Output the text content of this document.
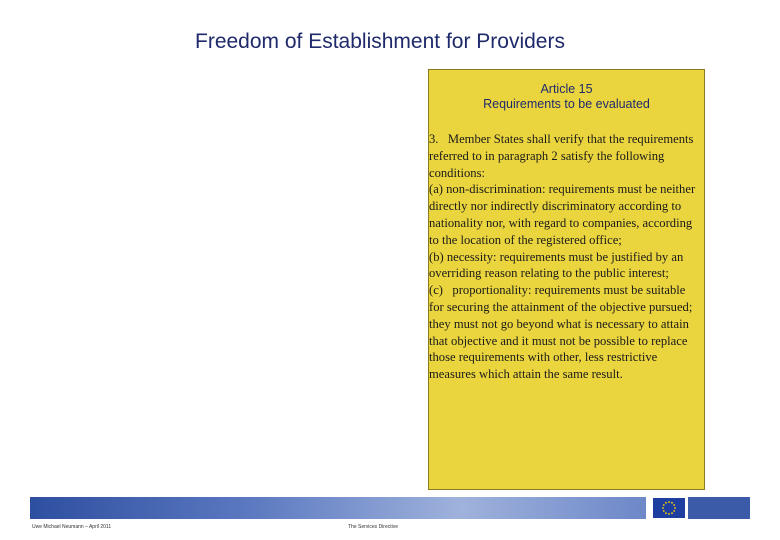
Freedom of Establishment for Providers
Article 15
Requirements to be evaluated

3.   Member States shall verify that the requirements referred to in paragraph 2 satisfy the following conditions:

(a) non-discrimination: requirements must be neither directly nor indirectly discriminatory according to nationality nor, with regard to companies, according to the location of the registered office;

(b) necessity: requirements must be justified by an overriding reason relating to the public interest;

(c)   proportionality: requirements must be suitable for securing the attainment of the objective pursued; they must not go beyond what is necessary to attain that objective and it must not be possible to replace those requirements with other, less restrictive measures which attain the same result.

Uwe Michael Neumann – April 2011	The Services Directive
